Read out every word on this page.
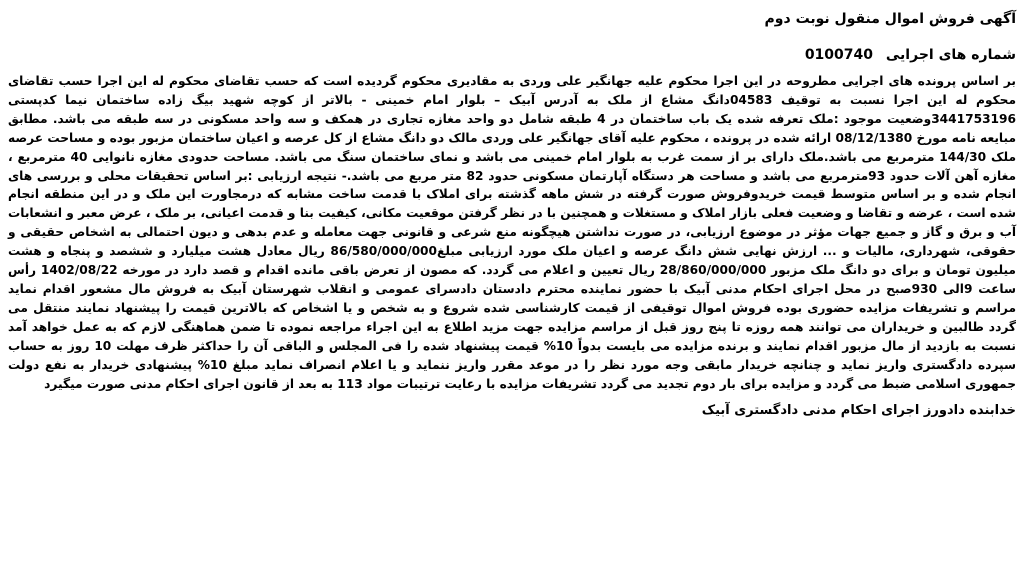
آگهی فروش اموال منقول نوبت دوم
شماره های اجرایی 0100740
بر اساس پرونده های اجرایی مطروحه در این اجرا محکوم علیه جهانگیر علی وردی به مقادیری محکوم گردیده است که حسب تقاضای محکوم له این اجرا حسب تقاضای محکوم له این اجرا نسبت به توقیف 04583دانگ مشاع از ملک به آدرس آبیک – بلوار امام خمینی - بالاتر از کوچه شهید بیگ زاده ساختمان نیما کدپستی 3441753196وضعیت موجود :ملک تعرفه شده یک باب ساختمان در 4 طبقه شامل دو واحد مغازه تجاری در همکف و سه واحد مسکونی در سه طبقه می باشد. مطابق مبایعه نامه مورخ 08/12/1380 ارائه شده در پرونده ، محکوم علیه آقای جهانگیر علی وردی مالک دو دانگ مشاع از کل عرصه و اعیان ساختمان مزبور بوده و مساحت عرصه ملک 144/30 مترمربع می باشد.ملک دارای بر از سمت غرب به بلوار امام خمینی می باشد و نمای ساختمان سنگ می باشد. مساحت حدودی مغازه نانوایی 40 مترمربع ، مغازه آهن آلات حدود 93مترمربع می باشد و مساحت هر دستگاه آپارتمان مسکونی حدود 82 متر مربع می باشد.- نتیجه ارزیابی :بر اساس تحقیقات محلی و بررسی های انجام شده و بر اساس متوسط قیمت خریدوفروش صورت گرفته در شش ماهه گذشته برای املاک با قدمت ساخت مشابه که درمجاورت این ملک و در این منطقه انجام شده است ، عرضه و تقاضا و وضعیت فعلی بازار املاک و مستغلات و همچنین با در نظر گرفتن موقعیت مکانی، کیفیت بنا و قدمت اعیانی، بر ملک ، عرض معبر و انشعابات آب و برق و گاز و جمیع جهات مؤثر در موضوع ارزیابی، در صورت نداشتن هیچگونه منع شرعی و قانونی جهت معامله و عدم بدهی و دیون احتمالی به اشخاص حقیقی و حقوقی، شهرداری، مالیات و ... ارزش نهایی شش دانگ عرصه و اعیان ملک مورد ارزیابی مبلغ86/580/000/000 ریال معادل هشت میلیارد و ششصد و پنجاه و هشت میلیون تومان و برای دو دانگ ملک مزبور 28/860/000/000 ریال تعیین و اعلام می گردد. که مصون از تعرض باقی مانده اقدام و قصد دارد در مورخه 1402/08/22 رأس ساعت 9الی 930صبح در محل اجرای احکام مدنی آبیک با حضور نماینده محترم دادستان دادسرای عمومی و انقلاب شهرستان آبیک به فروش مال مشعور اقدام نماید مراسم و تشریفات مزایده حضوری بوده فروش اموال توقیفی از قیمت کارشناسی شده شروع و به شخص و یا اشخاص که بالاترین قیمت را پیشنهاد نمایند منتقل می گردد طالبین و خریداران می توانند همه روزه تا پنج روز قبل از مراسم مزایده جهت مزید اطلاع به این اجراء مراجعه نموده تا ضمن هماهنگی لازم که به عمل خواهد آمد نسبت به بازدید از مال مزبور اقدام نمایند و برنده مزایده می بایست بدواً 10% قیمت پیشنهاد شده را فی المجلس و الباقی آن را حداکثر ظرف مهلت 10 روز به حساب سپرده دادگستری واریز نماید و چنانچه خریدار مابقی وجه مورد نظر را در موعد مقرر واریز ننماید و یا اعلام انصراف نماید مبلغ 10% پیشنهادی خریدار به نفع دولت جمهوری اسلامی ضبط می گردد و مزایده برای بار دوم تجدید می گردد تشریفات مزایده با رعایت ترتیبات مواد 113 به بعد از قانون اجرای احکام مدنی صورت میگیرد
خدابنده دادورز اجرای احکام مدنی دادگستری آبیک
